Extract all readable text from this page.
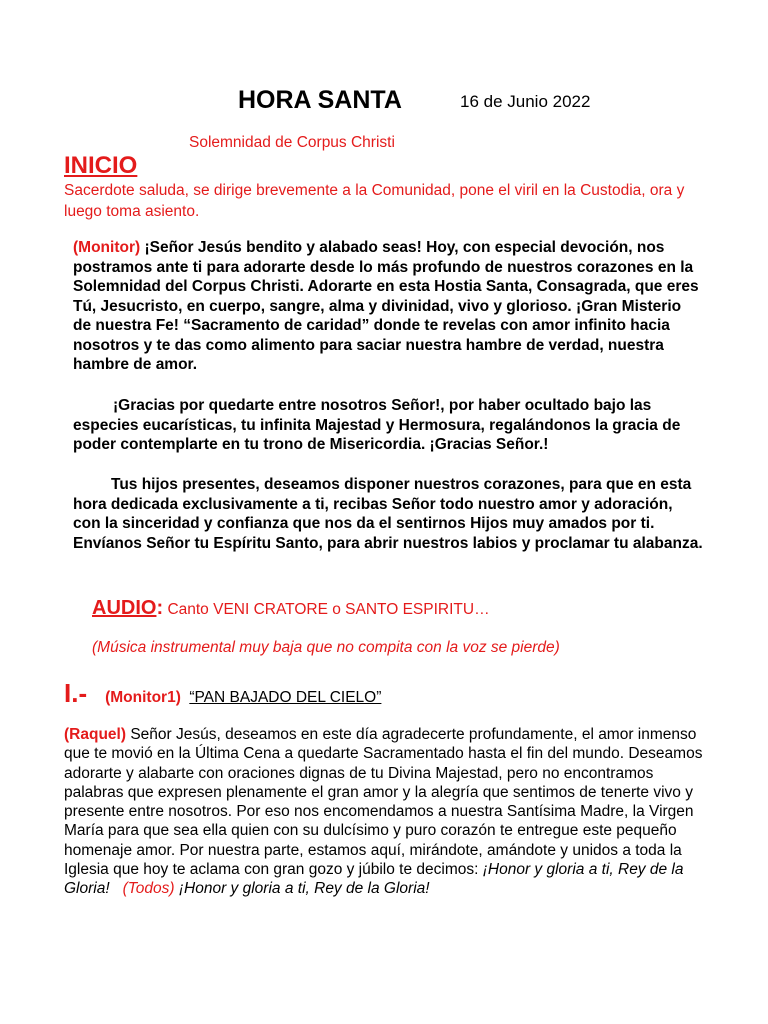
HORA SANTA	16 de Junio 2022
Solemnidad de Corpus Christi
INICIO
Sacerdote saluda, se dirige brevemente a la Comunidad, pone el viril en la Custodia, ora y luego toma asiento.
(Monitor) ¡Señor Jesús bendito y alabado seas! Hoy, con especial devoción, nos postramos ante ti para adorarte desde lo más profundo de nuestros corazones en la Solemnidad del Corpus Christi. Adorarte en esta Hostia Santa, Consagrada, que eres Tú, Jesucristo, en cuerpo, sangre, alma y divinidad, vivo y glorioso. ¡Gran Misterio de nuestra Fe! “Sacramento de caridad” donde te revelas con amor infinito hacia nosotros y te das como alimento para saciar nuestra hambre de verdad, nuestra hambre de amor.
¡Gracias por quedarte entre nosotros Señor!, por haber ocultado bajo las especies eucarísticas, tu infinita Majestad y Hermosura, regalándonos la gracia de poder contemplarte en tu trono de Misericordia. ¡Gracias Señor.!
Tus hijos presentes, deseamos disponer nuestros corazones, para que en esta hora dedicada exclusivamente a ti, recibas Señor todo nuestro amor y adoración, con la sinceridad y confianza que nos da el sentirnos Hijos muy amados por ti. Envíanos Señor tu Espíritu Santo, para abrir nuestros labios y proclamar tu alabanza.
AUDIO: Canto VENI CRATORE o SANTO ESPIRITU…
(Música instrumental muy baja que no compita con la voz se pierde)
I.- (Monitor1) “PAN BAJADO DEL CIELO”
(Raquel) Señor Jesús, deseamos en este día agradecerte profundamente, el amor inmenso que te movió en la Última Cena a quedarte Sacramentado hasta el fin del mundo. Deseamos adorarte y alabarte con oraciones dignas de tu Divina Majestad, pero no encontramos palabras que expresen plenamente el gran amor y la alegría que sentimos de tenerte vivo y presente entre nosotros. Por eso nos encomendamos a nuestra Santísima Madre, la Virgen María para que sea ella quien con su dulcísimo y puro corazón te entregue este pequeño homenaje amor. Por nuestra parte, estamos aquí, mirándote, amándote y unidos a toda la Iglesia que hoy te aclama con gran gozo y júbilo te decimos: ¡Honor y gloria a ti, Rey de la Gloria! (Todos) ¡Honor y gloria a ti, Rey de la Gloria!
